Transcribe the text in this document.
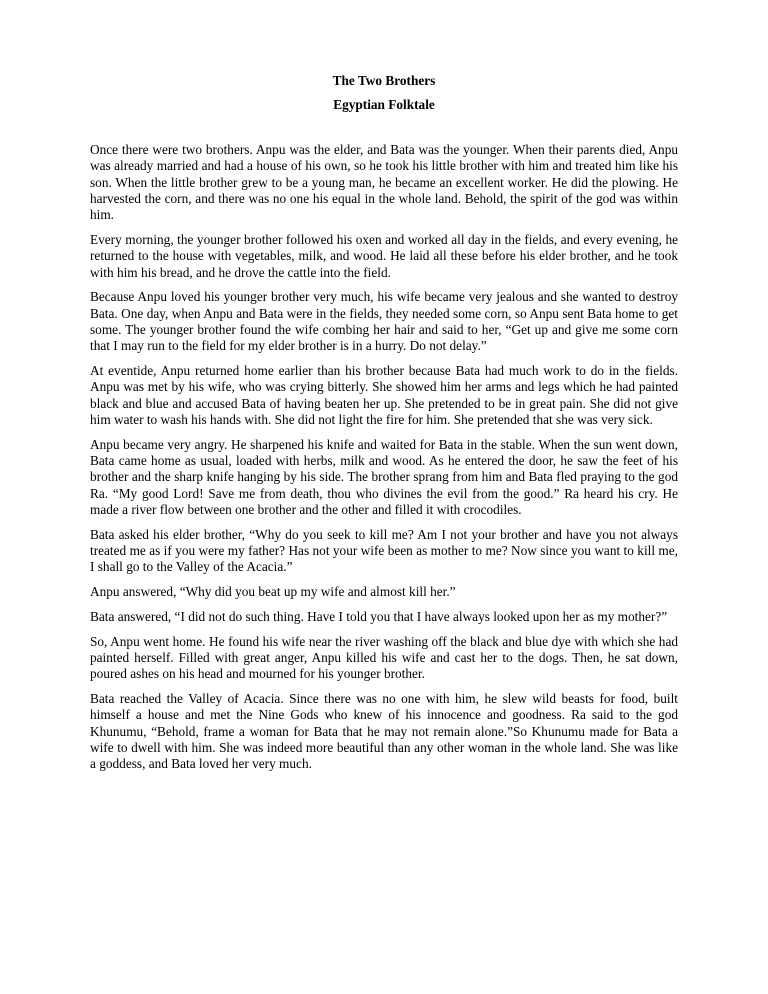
The Two Brothers

Egyptian Folktale

Once there were two brothers. Anpu was the elder, and Bata was the younger. When their parents died, Anpu was already married and had a house of his own, so he took his little brother with him and treated him like his son. When the little brother grew to be a young man, he became an excellent worker. He did the plowing. He harvested the corn, and there was no one his equal in the whole land. Behold, the spirit of the god was within him.

Every morning, the younger brother followed his oxen and worked all day in the fields, and every evening, he returned to the house with vegetables, milk, and wood. He laid all these before his elder brother, and he took with him his bread, and he drove the cattle into the field.

Because Anpu loved his younger brother very much, his wife became very jealous and she wanted to destroy Bata. One day, when Anpu and Bata were in the fields, they needed some corn, so Anpu sent Bata home to get some. The younger brother found the wife combing her hair and said to her, “Get up and give me some corn that I may run to the field for my elder brother is in a hurry. Do not delay.”

At eventide, Anpu returned home earlier than his brother because Bata had much work to do in the fields. Anpu was met by his wife, who was crying bitterly. She showed him her arms and legs which he had painted black and blue and accused Bata of having beaten her up. She pretended to be in great pain. She did not give him water to wash his hands with. She did not light the fire for him. She pretended that she was very sick.

Anpu became very angry. He sharpened his knife and waited for Bata in the stable. When the sun went down, Bata came home as usual, loaded with herbs, milk and wood. As he entered the door, he saw the feet of his brother and the sharp knife hanging by his side. The brother sprang from him and Bata fled praying to the god Ra. “My good Lord! Save me from death, thou who divines the evil from the good.” Ra heard his cry. He made a river flow between one brother and the other and filled it with crocodiles.

Bata asked his elder brother, “Why do you seek to kill me? Am I not your brother and have you not always treated me as if you were my father? Has not your wife been as mother to me? Now since you want to kill me, I shall go to the Valley of the Acacia.”

Anpu answered, “Why did you beat up my wife and almost kill her.”

Bata answered, “I did not do such thing. Have I told you that I have always looked upon her as my mother?”

So, Anpu went home. He found his wife near the river washing off the black and blue dye with which she had painted herself. Filled with great anger, Anpu killed his wife and cast her to the dogs. Then, he sat down, poured ashes on his head and mourned for his younger brother.

Bata reached the Valley of Acacia. Since there was no one with him, he slew wild beasts for food, built himself a house and met the Nine Gods who knew of his innocence and goodness. Ra said to the god Khunumu, “Behold, frame a woman for Bata that he may not remain alone.”So Khunumu made for Bata a wife to dwell with him. She was indeed more beautiful than any other woman in the whole land. She was like a goddess, and Bata loved her very much.
